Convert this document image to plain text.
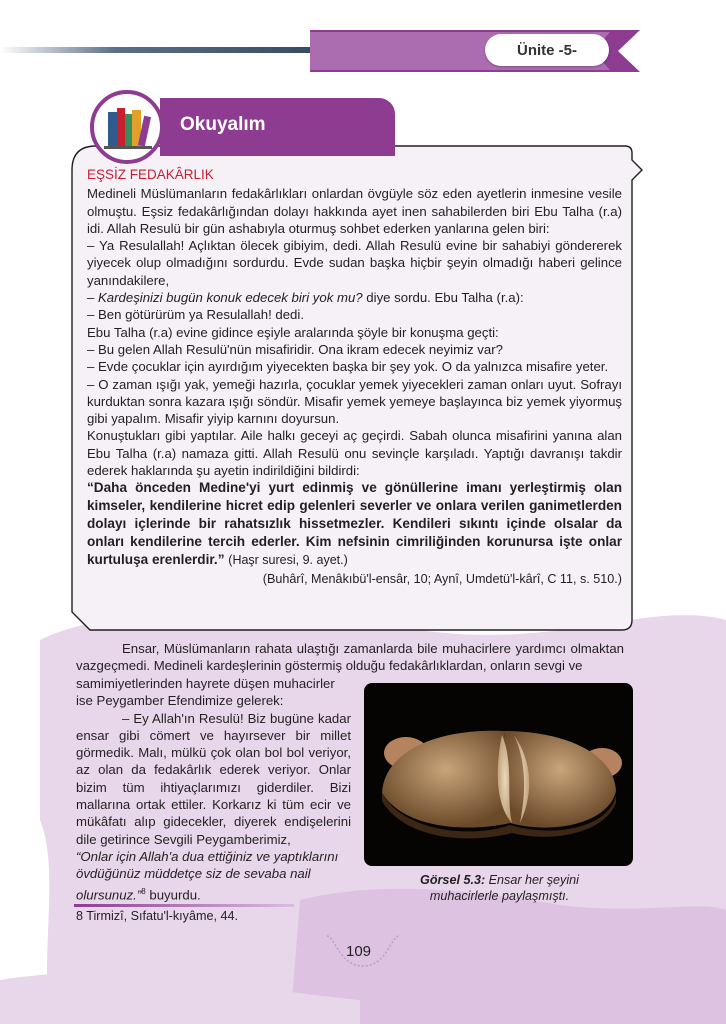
Ünite -5-
Okuyalım

EŞSİZ FEDAKÂRLIK

Medineli Müslümanların fedakârlıkları onlardan övgüyle söz eden ayetlerin inmesine vesile olmuştu. Eşsiz fedakârlığından dolayı hakkında ayet inen sahabilerden biri Ebu Talha (r.a) idi. Allah Resulü bir gün ashabıyla oturmuş sohbet ederken yanlarına gelen biri:

– Ya Resulallah! Açlıktan ölecek gibiyim, dedi. Allah Resulü evine bir sahabiyi göndererek yiyecek olup olmadığını sordurdu. Evde sudan başka hiçbir şeyin olmadığı haberi gelince yanındakilere,

– Kardeşinizi bugün konuk edecek biri yok mu? diye sordu. Ebu Talha (r.a):

– Ben götürürüm ya Resulallah! dedi.

Ebu Talha (r.a) evine gidince eşiyle aralarında şöyle bir konuşma geçti:

– Bu gelen Allah Resulü'nün misafiridir. Ona ikram edecek neyimiz var?

– Evde çocuklar için ayırdığım yiyecekten başka bir şey yok. O da yalnızca misafire yeter.

– O zaman ışığı yak, yemeği hazırla, çocuklar yemek yiyecekleri zaman onları uyut. Sofrayı kurduktan sonra kazara ışığı söndür. Misafir yemek yemeye başlayınca biz yemek yiyormuş gibi yapalım. Misafir yiyip karnını doyursun.

Konuştukları gibi yaptılar. Aile halkı geceyi aç geçirdi. Sabah olunca misafirini yanına alan Ebu Talha (r.a) namaza gitti. Allah Resulü onu sevinçle karşıladı. Yaptığı davranışı takdir ederek haklarında şu ayetin indirildiğini bildirdi:

“Daha önceden Medine'yi yurt edinmiş ve gönüllerine imanı yerleştirmiş olan kimseler, kendilerine hicret edip gelenleri severler ve onlara verilen ganimetlerden dolayı içlerinde bir rahatsızlık hissetmezler. Kendileri sıkıntı içinde olsalar da onları kendilerine tercih ederler. Kim nefsinin cimriliğinden korunursa işte onlar kurtuluşa erenlerdir.” (Haşr suresi, 9. ayet.)

(Buhârî, Menâkıbü'l-ensâr, 10; Aynî, Umdetü'l-kârî, C 11, s. 510.)

Ensar, Müslümanların rahata ulaştığı zamanlarda bile muhacirlere yardımcı olmaktan vazgeçmedi. Medineli kardeşlerinin göstermiş olduğu fedakârlıklardan, onların sevgi ve

samimiyetlerinden hayrete düşen muhacirler ise Peygamber Efendimize gelerek:

– Ey Allah'ın Resulü! Biz bugüne kadar ensar gibi cömert ve hayırsever bir millet görmedik. Malı, mülkü çok olan bol bol veriyor, az olan da fedakârlık ederek veriyor. Onlar bizim tüm ihtiyaçlarımızı giderdiler. Bizi mallarına ortak ettiler. Korkarız ki tüm ecir ve mükâfatı alıp gidecekler, diyerek endişelerini dile getirince Sevgili Peygamberimiz,

“Onlar için Allah'a dua ettiğiniz ve yaptıklarını övdüğünüz müddetçe siz de sevaba nail olursunuz.”$^8$ buyurdu.

Görsel 5.3: Ensar her şeyini muhacirlerle paylaşmıştı.
8 Tirmizî, Sıfatu'l-kıyâme, 44.
109
